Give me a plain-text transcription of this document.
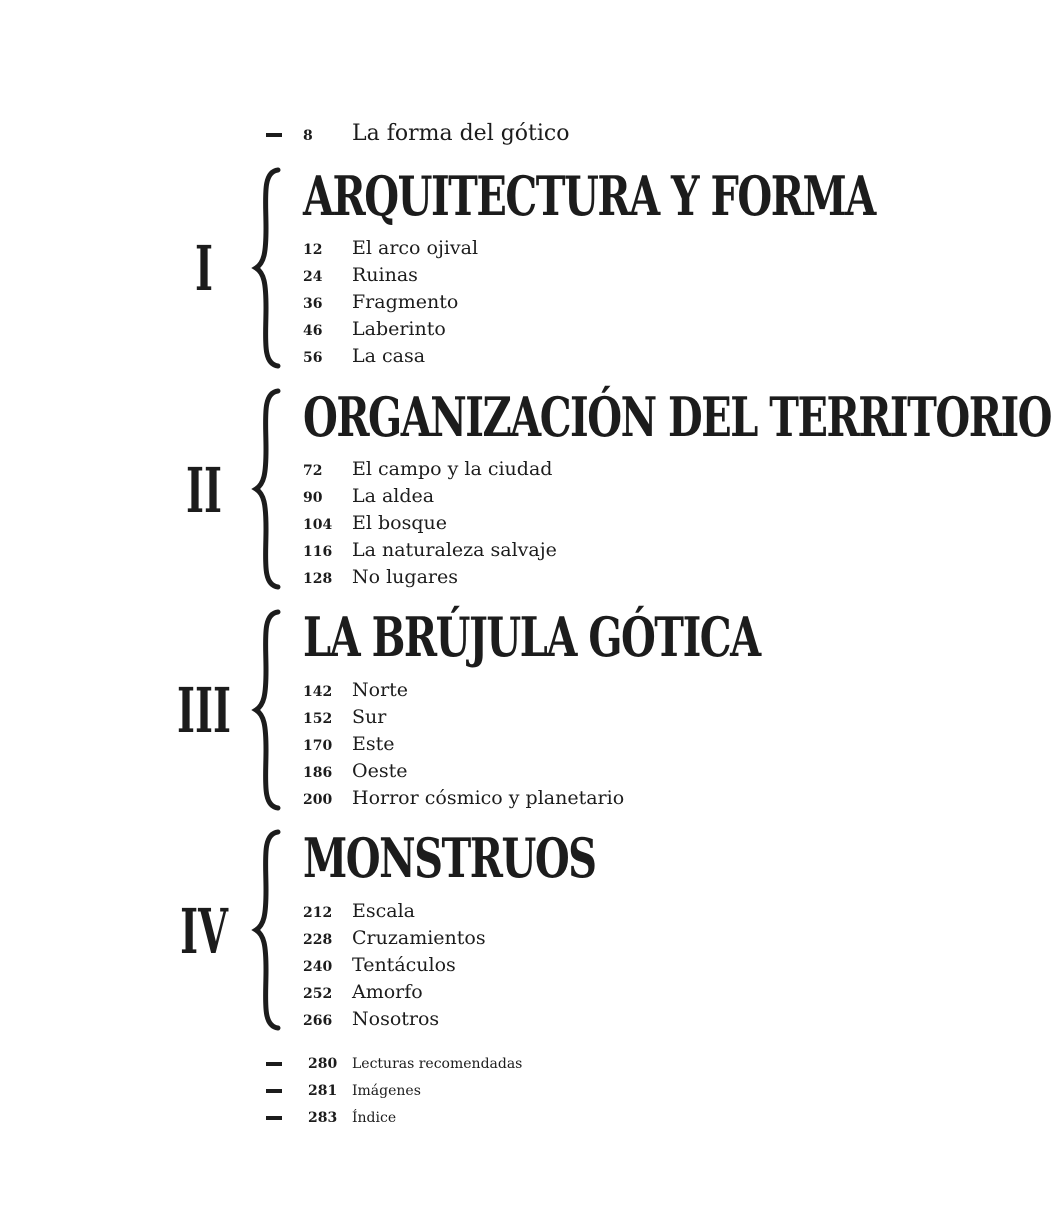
8 La forma del gótico
I
ARQUITECTURA Y FORMA
12 El arco ojival
24 Ruinas
36 Fragmento
46 Laberinto
56 La casa
II
ORGANIZACIÓN DEL TERRITORIO
72 El campo y la ciudad
90 La aldea
104 El bosque
116 La naturaleza salvaje
128 No lugares
III
LA BRÚJULA GÓTICA
142 Norte
152 Sur
170 Este
186 Oeste
200 Horror cósmico y planetario
IV
MONSTRUOS
212 Escala
228 Cruzamientos
240 Tentáculos
252 Amorfo
266 Nosotros
280 Lecturas recomendadas
281 Imágenes
283 Índice
